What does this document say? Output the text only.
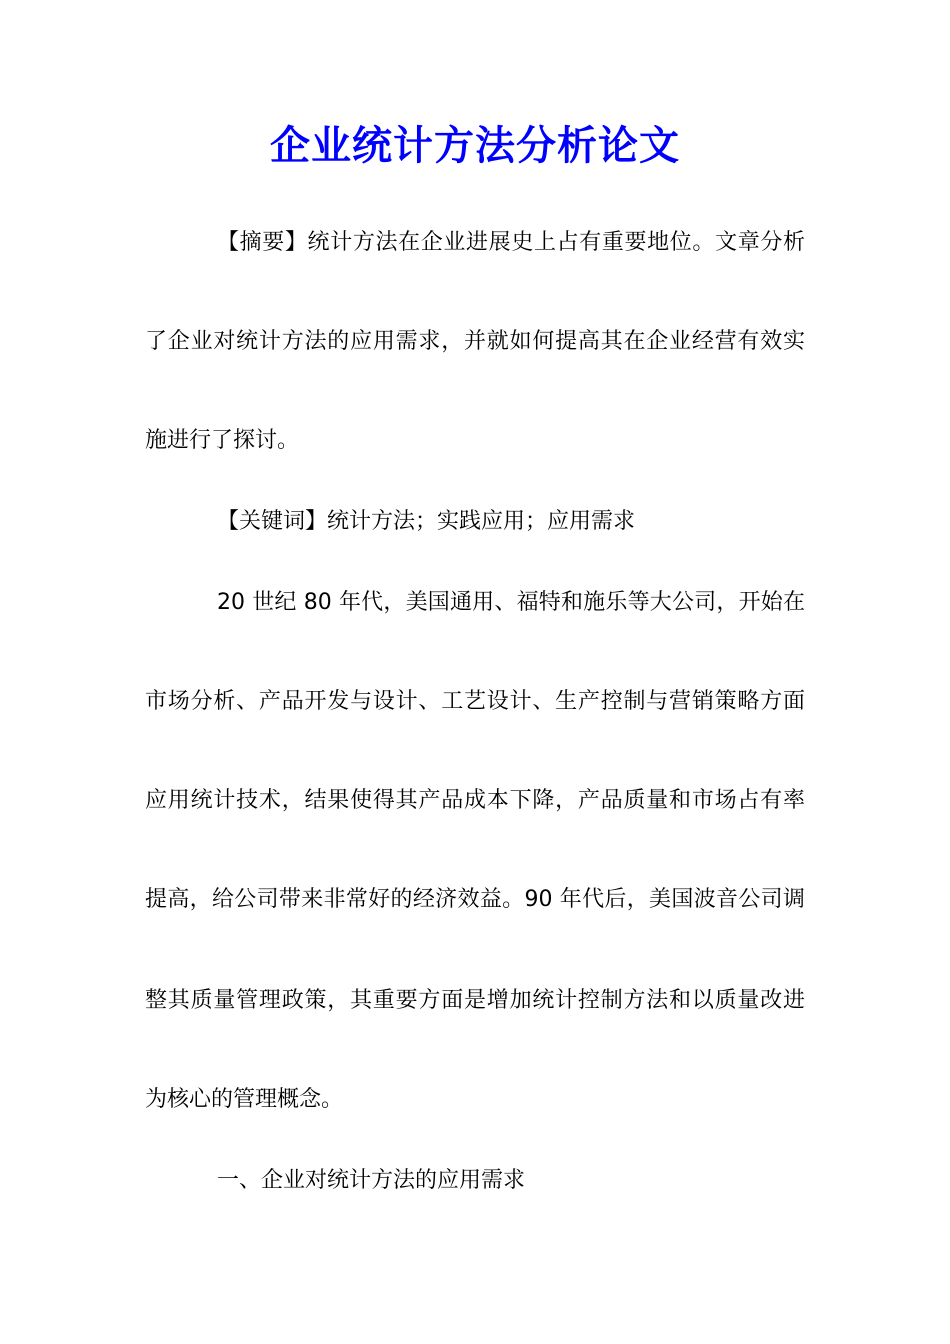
企业统计方法分析论文

【摘要】统计方法在企业进展史上占有重要地位。文章分析

了企业对统计方法的应用需求，并就如何提高其在企业经营有效实

施进行了探讨。

【关键词】统计方法；实践应用；应用需求

20 世纪 80 年代，美国通用、福特和施乐等大公司，开始在

市场分析、产品开发与设计、工艺设计、生产控制与营销策略方面

应用统计技术，结果使得其产品成本下降，产品质量和市场占有率

提高，给公司带来非常好的经济效益。90 年代后，美国波音公司调

整其质量管理政策，其重要方面是增加统计控制方法和以质量改进

为核心的管理概念。

一、企业对统计方法的应用需求
